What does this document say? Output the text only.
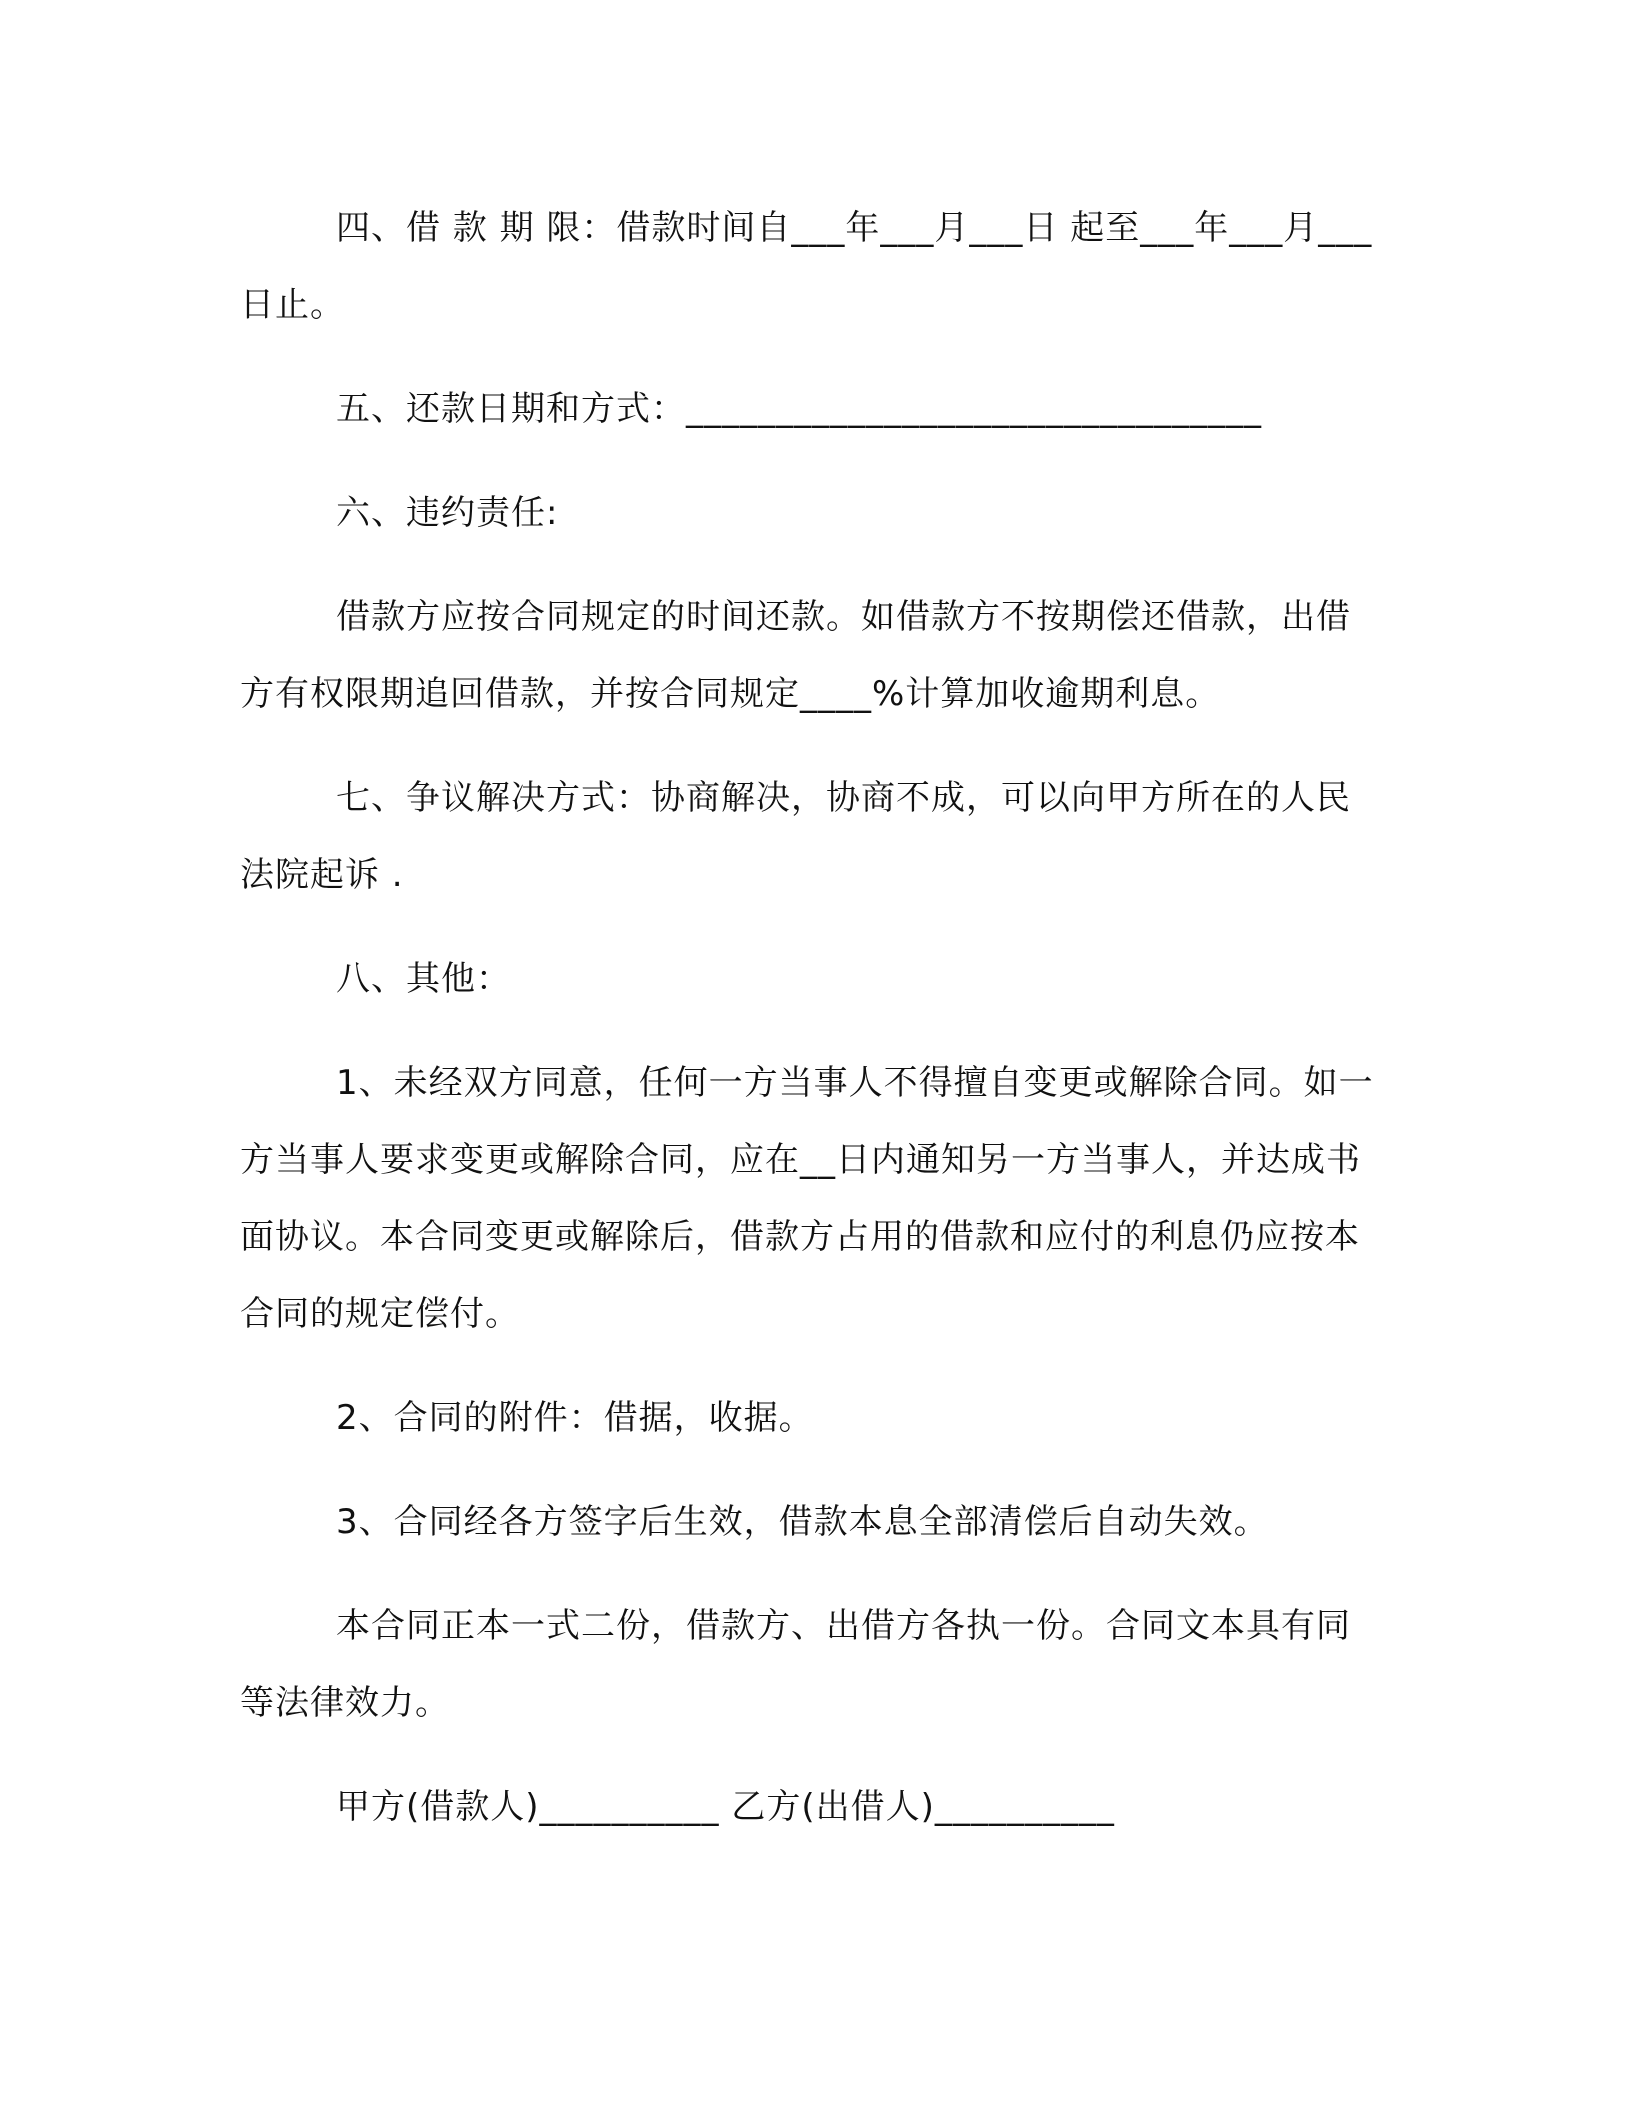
四、借 款 期 限：借款时间自___年___月___日 起至___年___月___ 日止。

五、还款日期和方式：________________________________

六、违约责任:

借款方应按合同规定的时间还款。如借款方不按期偿还借款，出借方有权限期追回借款，并按合同规定____%计算加收逾期利息。

七、争议解决方式：协商解决，协商不成，可以向甲方所在的人民法院起诉 .

八、其他：

1、未经双方同意，任何一方当事人不得擅自变更或解除合同。如一方当事人要求变更或解除合同，应在__日内通知另一方当事人，并达成书面协议。本合同变更或解除后，借款方占用的借款和应付的利息仍应按本合同的规定偿付。

2、合同的附件：借据，收据。

3、合同经各方签字后生效，借款本息全部清偿后自动失效。

本合同正本一式二份，借款方、出借方各执一份。合同文本具有同等法律效力。

甲方(借款人)__________ 乙方(出借人)__________
